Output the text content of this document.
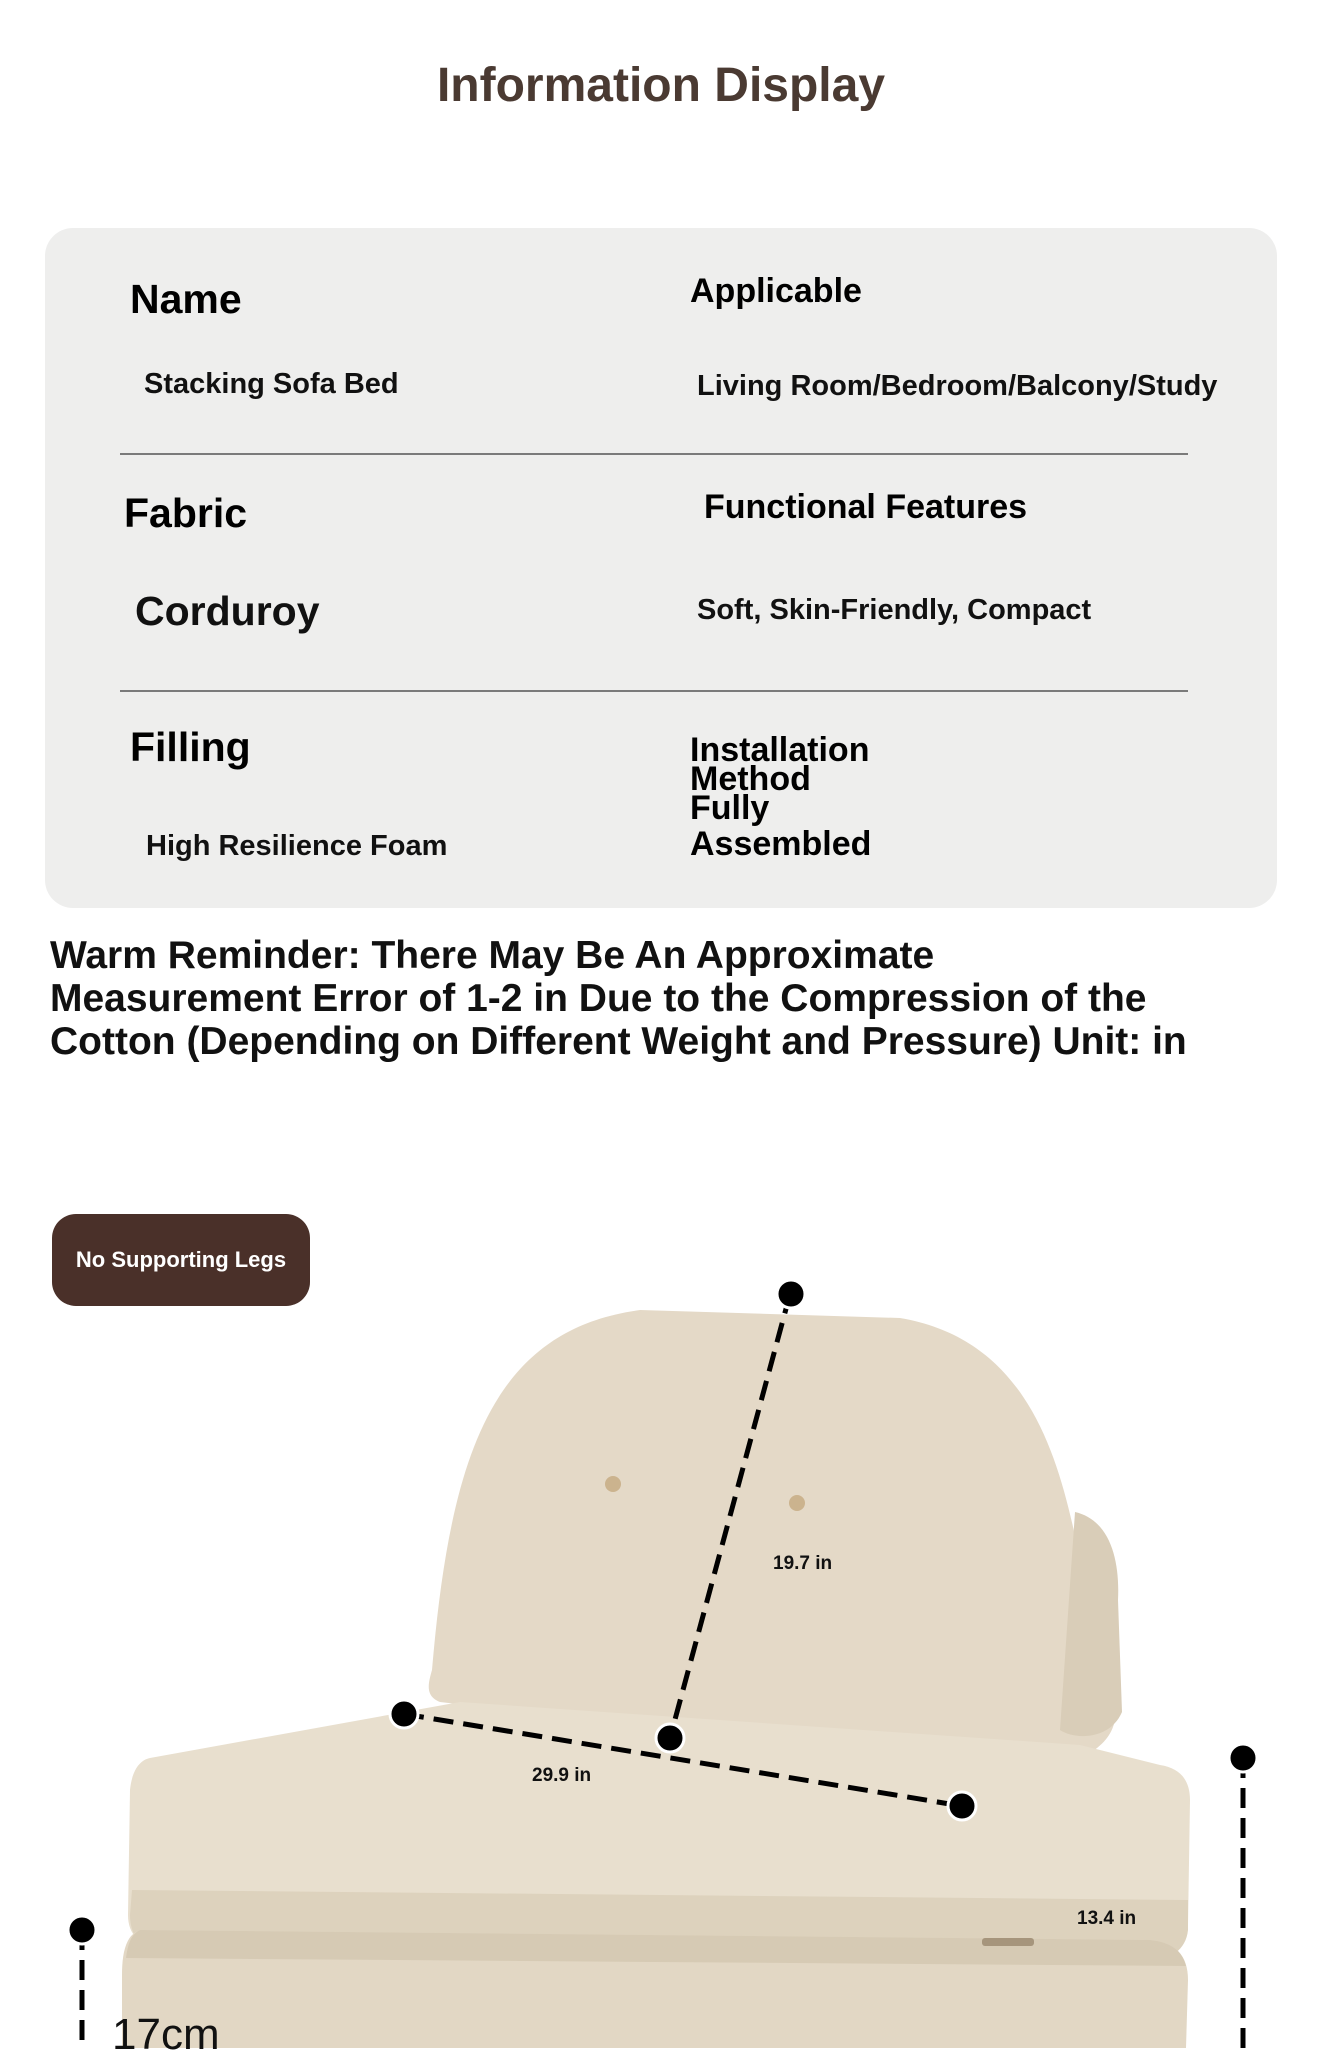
Information Display
Name
Stacking Sofa Bed
Applicable
Living Room/Bedroom/Balcony/Study
Fabric
Corduroy
Functional Features
Soft, Skin-Friendly, Compact
Filling
High Resilience Foam
Installation
Method
Fully
Assembled
Warm Reminder: There May Be An Approximate
Measurement Error of 1-2 in Due to the Compression of the
Cotton (Depending on Different Weight and Pressure) Unit: in
No Supporting Legs
19.7 in
29.9 in
13.4 in
17cm
